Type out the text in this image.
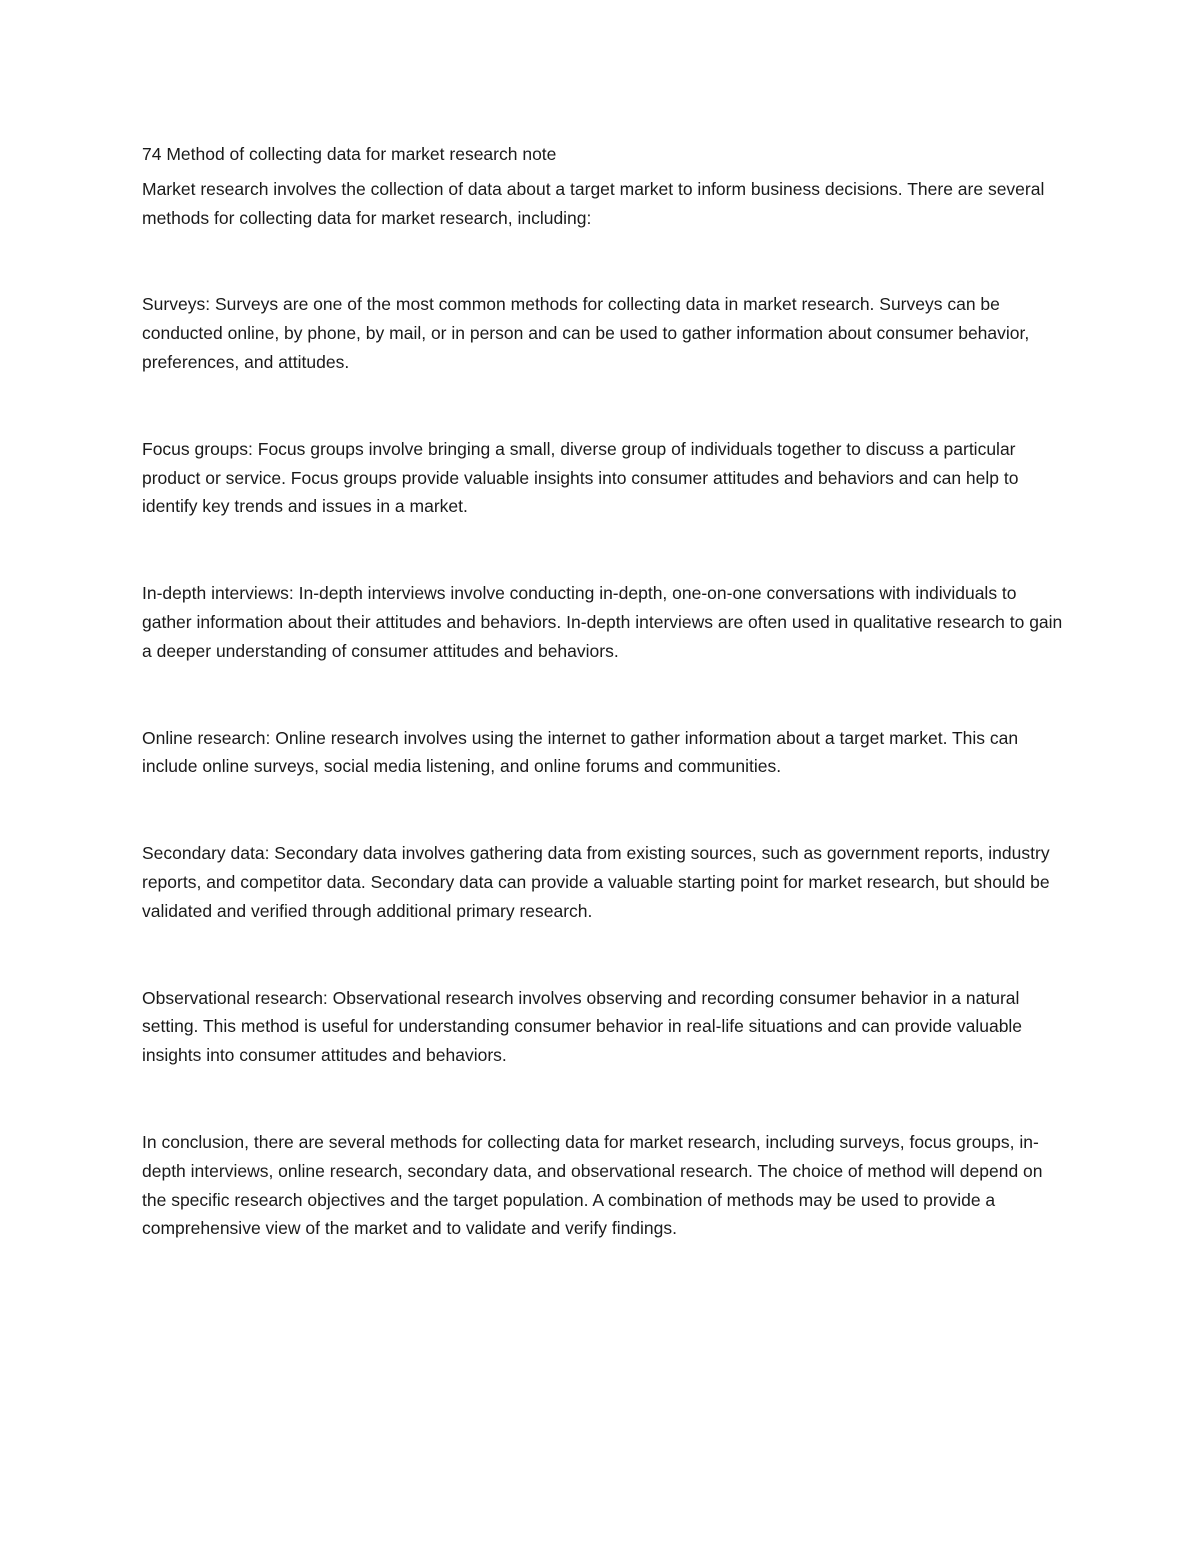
74 Method of collecting data for market research note

Market research involves the collection of data about a target market to inform business decisions. There are several methods for collecting data for market research, including:

Surveys: Surveys are one of the most common methods for collecting data in market research. Surveys can be conducted online, by phone, by mail, or in person and can be used to gather information about consumer behavior, preferences, and attitudes.

Focus groups: Focus groups involve bringing a small, diverse group of individuals together to discuss a particular product or service. Focus groups provide valuable insights into consumer attitudes and behaviors and can help to identify key trends and issues in a market.

In-depth interviews: In-depth interviews involve conducting in-depth, one-on-one conversations with individuals to gather information about their attitudes and behaviors. In-depth interviews are often used in qualitative research to gain a deeper understanding of consumer attitudes and behaviors.

Online research: Online research involves using the internet to gather information about a target market. This can include online surveys, social media listening, and online forums and communities.

Secondary data: Secondary data involves gathering data from existing sources, such as government reports, industry reports, and competitor data. Secondary data can provide a valuable starting point for market research, but should be validated and verified through additional primary research.

Observational research: Observational research involves observing and recording consumer behavior in a natural setting. This method is useful for understanding consumer behavior in real-life situations and can provide valuable insights into consumer attitudes and behaviors.

In conclusion, there are several methods for collecting data for market research, including surveys, focus groups, in-depth interviews, online research, secondary data, and observational research. The choice of method will depend on the specific research objectives and the target population. A combination of methods may be used to provide a comprehensive view of the market and to validate and verify findings.
